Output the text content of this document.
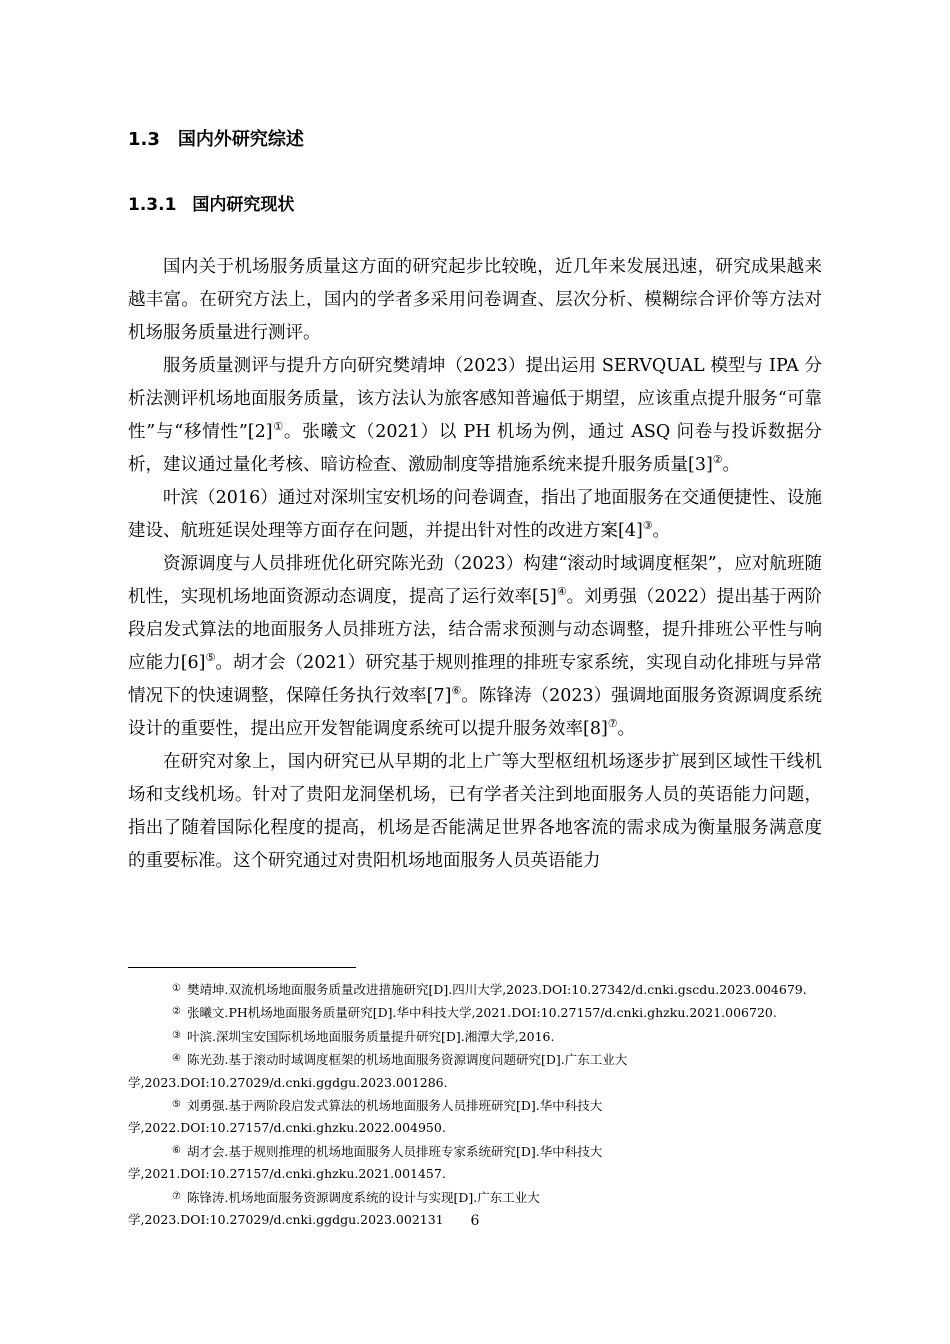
1.3 国内外研究综述
1.3.1 国内研究现状

国内关于机场服务质量这方面的研究起步比较晚，近几年来发展迅速，研究成果越来越丰富。在研究方法上，国内的学者多采用问卷调查、层次分析、模糊综合评价等方法对机场服务质量进行测评。

服务质量测评与提升方向研究樊靖坤（2023）提出运用 SERVQUAL 模型与 IPA 分析法测评机场地面服务质量，该方法认为旅客感知普遍低于期望，应该重点提升服务“可靠性”与“移情性”[2]①。张曦文（2021）以 PH 机场为例，通过 ASQ 问卷与投诉数据分析，建议通过量化考核、暗访检查、激励制度等措施系统来提升服务质量[3]②。

叶滨（2016）通过对深圳宝安机场的问卷调查，指出了地面服务在交通便捷性、设施建设、航班延误处理等方面存在问题，并提出针对性的改进方案[4]③。

资源调度与人员排班优化研究陈光劲（2023）构建“滚动时域调度框架”，应对航班随机性，实现机场地面资源动态调度，提高了运行效率[5]④。刘勇强（2022）提出基于两阶段启发式算法的地面服务人员排班方法，结合需求预测与动态调整，提升排班公平性与响应能力[6]⑤。胡才会（2021）研究基于规则推理的排班专家系统，实现自动化排班与异常情况下的快速调整，保障任务执行效率[7]⑥。陈锋涛（2023）强调地面服务资源调度系统设计的重要性，提出应开发智能调度系统可以提升服务效率[8]⑦。

在研究对象上，国内研究已从早期的北上广等大型枢纽机场逐步扩展到区域性干线机场和支线机场。针对了贵阳龙洞堡机场，已有学者关注到地面服务人员的英语能力问题，指出了随着国际化程度的提高，机场是否能满足世界各地客流的需求成为衡量服务满意度的重要标准。这个研究通过对贵阳机场地面服务人员英语能力

① 樊靖坤.双流机场地面服务质量改进措施研究[D].四川大学,2023.DOI:10.27342/d.cnki.gscdu.2023.004679.

② 张曦文.PH机场地面服务质量研究[D].华中科技大学,2021.DOI:10.27157/d.cnki.ghzku.2021.006720.

③ 叶滨.深圳宝安国际机场地面服务质量提升研究[D].湘潭大学,2016.

④ 陈光劲.基于滚动时域调度框架的机场地面服务资源调度问题研究[D].广东工业大学,2023.DOI:10.27029/d.cnki.ggdgu.2023.001286.

⑤ 刘勇强.基于两阶段启发式算法的机场地面服务人员排班研究[D].华中科技大学,2022.DOI:10.27157/d.cnki.ghzku.2022.004950.

⑥ 胡才会.基于规则推理的机场地面服务人员排班专家系统研究[D].华中科技大学,2021.DOI:10.27157/d.cnki.ghzku.2021.001457.

⑦ 陈锋涛.机场地面服务资源调度系统的设计与实现[D].广东工业大学,2023.DOI:10.27029/d.cnki.ggdgu.2023.002131	6
